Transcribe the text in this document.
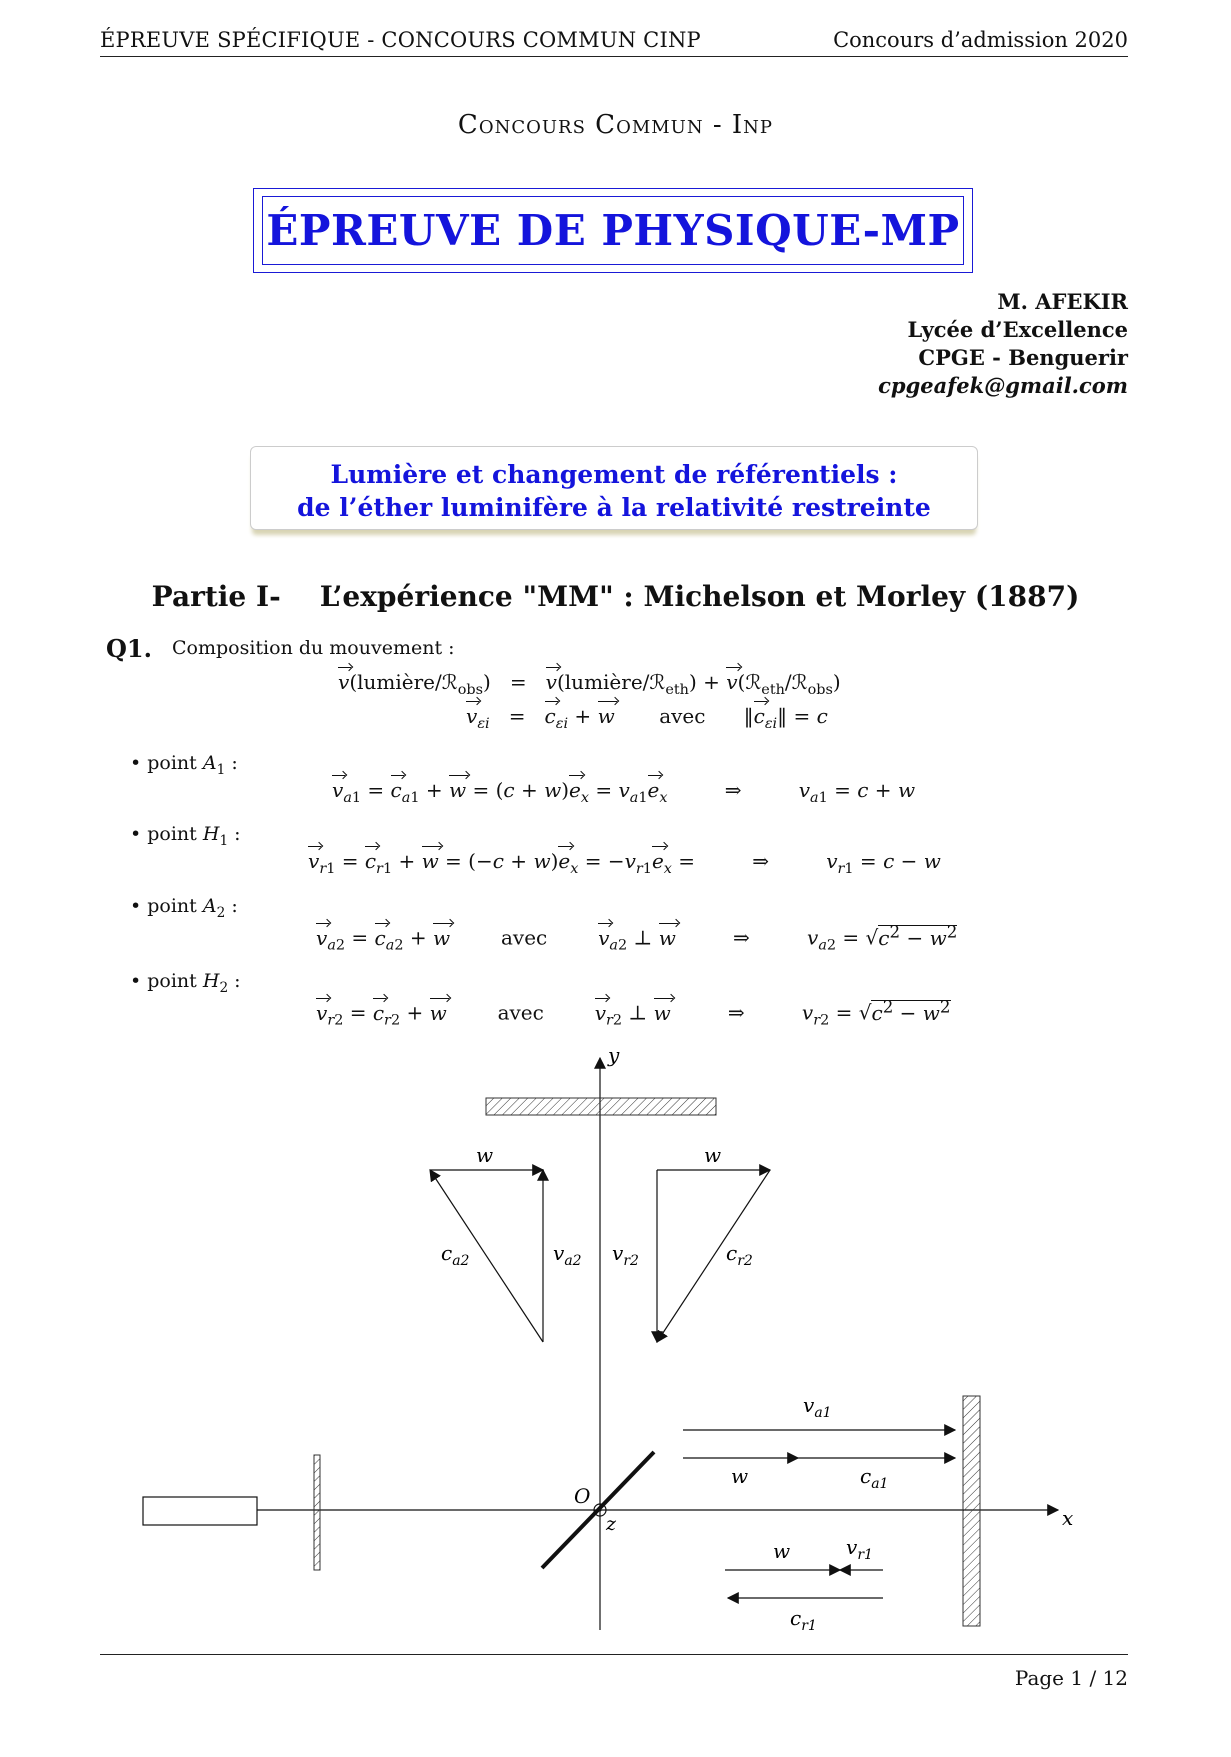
ÉPREUVE SPÉCIFIQUE - CONCOURS COMMUN CINP	Concours d’admission 2020
Concours Commun - Inp
ÉPREUVE DE PHYSIQUE-MP
M. AFEKIR
Lycée d’Excellence
CPGE - Benguerir
cpgeafek@gmail.com
Lumière et changement de référentiels :
de l’éther luminifère à la relativité restreinte
Partie I- L’expérience "MM" : Michelson et Morley (1887)
Q1. Composition du mouvement :
v(lumière/ℛ$_{obs}$)   =   v(lumière/ℛ$_{eth}$) + v(ℛ$_{eth}$/ℛ$_{obs}$)
$v_{\varepsilon i} = c_{\varepsilon i} + w$ avec      $‖c_{\varepsilon i}‖ = c$
• point $A_1$ :
$v_{a1} = c_{a1} + w = (c + w)e_x = v_{a1}e_x$         ⇒         $v_{a1} = c + w$
• point $H_1$ :
$v_{r1} = c_{r1} + w = (-c + w)e_x = -v_{r1}e_x$ =         ⇒         $v_{r1} = c - w$
• point $A_2$ :
$v_{a2} = c_{a2} + w$        avec        $v_{a2}$ ⊥ w         ⇒         $v_{a2} = √c^2 - w^2$
• point $H_2$ :
$v_{r2} = c_{r2} + w$        avec        $v_{r2}$ ⊥ w         ⇒         $v_{r2} = √c^2 - w^2$
y
x
z
O
w
$c_{a2}$	$v_{a2}$
w
$v_{r2}$	$c_{r2}$
$v_{a1}$
w	$c_{a1}$
w	$v_{r1}$
$c_{r1}$
Page 1 / 12
